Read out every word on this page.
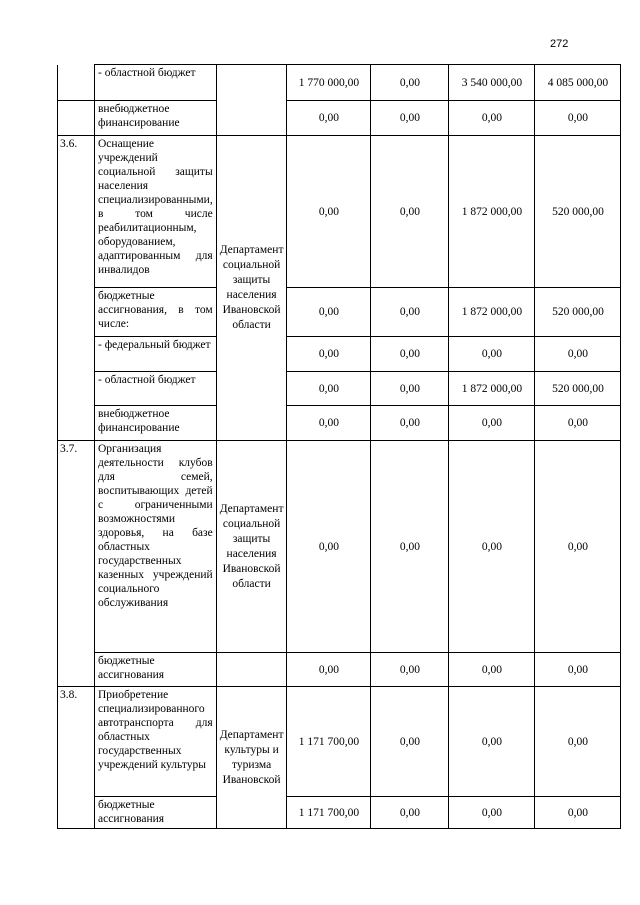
272
	- областной бюджет		1 770 000,00	0,00	3 540 000,00	4 085 000,00
	внебюджетное финансирование		0,00	0,00	0,00	0,00
3.6.	Оснащение учреждений социальной защиты населения специализированными, в том числе реабилитационным, оборудованием, адаптированным для инвалидов	Департамент социальной защиты населения Ивановской области	0,00	0,00	1 872 000,00	520 000,00
	бюджетные ассигнования, в том числе:		0,00	0,00	1 872 000,00	520 000,00
	- федеральный бюджет		0,00	0,00	0,00	0,00
	- областной бюджет		0,00	0,00	1 872 000,00	520 000,00
	внебюджетное финансирование		0,00	0,00	0,00	0,00
3.7.	Организация деятельности клубов для семей, воспитывающих детей с ограниченными возможностями здоровья, на базе областных государственных казенных учреждений социального обслуживания	Департамент социальной защиты населения Ивановской области	0,00	0,00	0,00	0,00
	бюджетные ассигнования		0,00	0,00	0,00	0,00
3.8.	Приобретение специализированного автотранспорта для областных государственных учреждений культуры	Департамент культуры и туризма Ивановской	1 171 700,00	0,00	0,00	0,00
	бюджетные ассигнования		1 171 700,00	0,00	0,00	0,00
